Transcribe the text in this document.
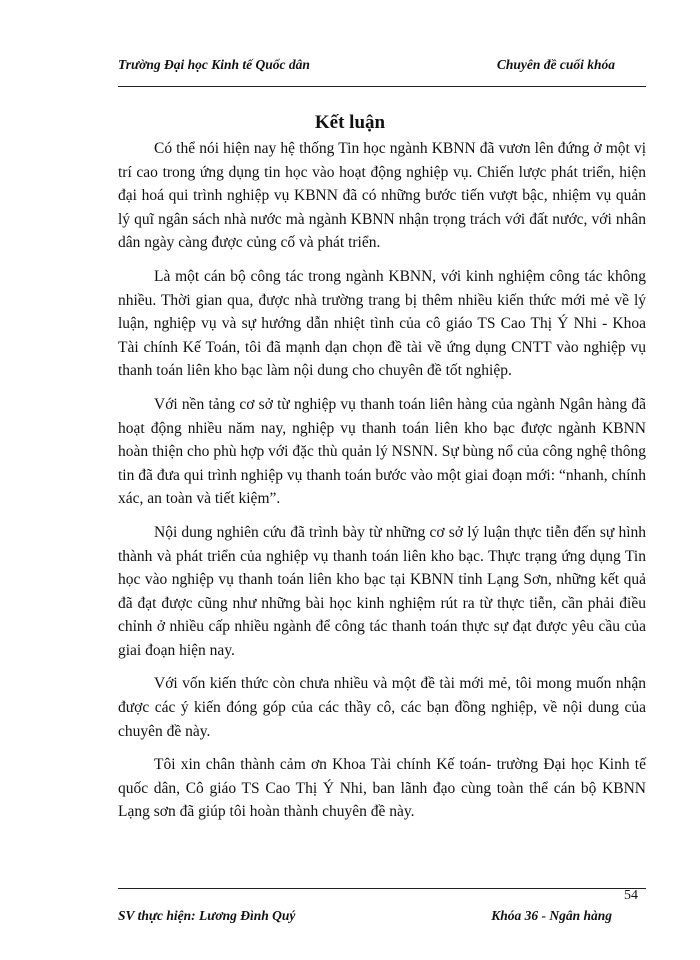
Trường Đại học Kinh tế Quốc dân	Chuyên đề cuối khóa
Kết luận

Có thể nói hiện nay hệ thống Tin học ngành KBNN đã vươn lên đứng ở một vị trí cao trong ứng dụng tin học vào hoạt động nghiệp vụ. Chiến lược phát triển, hiện đại hoá qui trình nghiệp vụ KBNN đã có những bước tiến vượt bậc, nhiệm vụ quản lý quĩ ngân sách nhà nước mà ngành KBNN nhận trọng trách với đất nước, với nhân dân ngày càng được củng cố và phát triển.

Là một cán bộ công tác trong ngành KBNN, với kinh nghiệm công tác không nhiều. Thời gian qua, được nhà trường trang bị thêm nhiều kiến thức mới mẻ về lý luận, nghiệp vụ và sự hướng dẫn nhiệt tình của cô giáo TS Cao Thị Ý Nhi - Khoa Tài chính Kế Toán, tôi đã mạnh dạn chọn đề tài về ứng dụng CNTT vào nghiệp vụ thanh toán liên kho bạc làm nội dung cho chuyên đề tốt nghiệp.

Với nền tảng cơ sở từ nghiệp vụ thanh toán liên hàng của ngành Ngân hàng đã hoạt động nhiều năm nay, nghiệp vụ thanh toán liên kho bạc được ngành KBNN hoàn thiện cho phù hợp với đặc thù quản lý NSNN. Sự bùng nổ của công nghệ thông tin đã đưa qui trình nghiệp vụ thanh toán bước vào một giai đoạn mới: “nhanh, chính xác, an toàn và tiết kiệm”.

Nội dung nghiên cứu đã trình bày từ những cơ sở lý luận thực tiễn đến sự hình thành và phát triển của nghiệp vụ thanh toán liên kho bạc. Thực trạng ứng dụng Tin học vào nghiệp vụ thanh toán liên kho bạc tại KBNN tỉnh Lạng Sơn, những kết quả đã đạt được cũng như những bài học kinh nghiệm rút ra từ thực tiễn, cần phải điều chỉnh ở nhiều cấp nhiều ngành để công tác thanh toán thực sự đạt được yêu cầu của giai đoạn hiện nay.

Với vốn kiến thức còn chưa nhiều và một đề tài mới mẻ, tôi mong muốn nhận được các ý kiến đóng góp của các thầy cô, các bạn đồng nghiệp, về nội dung của chuyên đề này.

Tôi xin chân thành cảm ơn Khoa Tài chính Kế toán- trường Đại học Kinh tế quốc dân, Cô giáo TS Cao Thị Ý Nhi, ban lãnh đạo cùng toàn thể cán bộ KBNN Lạng sơn đã giúp tôi hoàn thành chuyên đề này.

54
SV thực hiện: Lương Đình Quý	Khóa 36 - Ngân hàng
